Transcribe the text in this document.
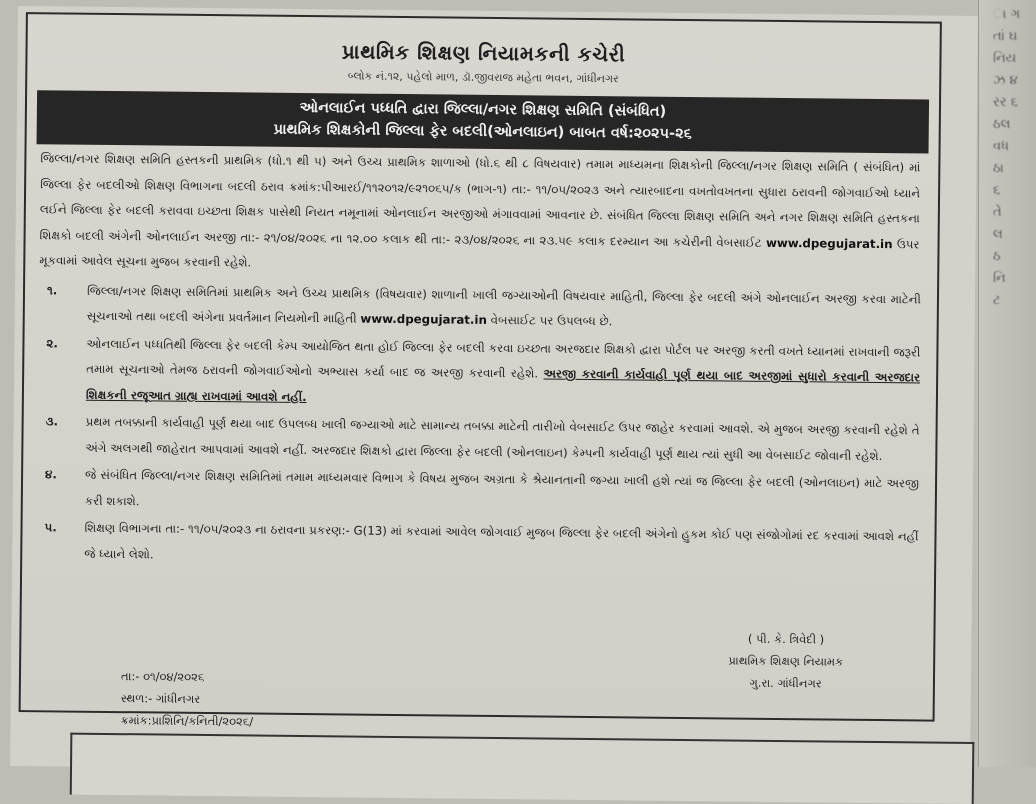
ા ગ
તાં ઘ
નિય
ઝ ૪
રર ૬
ઠલ
વધ
ઠા
૬
તે
લ
ઠ
નિ
ટ
પ્રાથમિક શિક્ષણ નિયામકની કચેરી
બ્લોક નં.૧૨, પહેલો માળ, ડૉ.જીવરાજ મહેતા ભવન, ગાંધીનગર
ઓનલાઈન પધ્ધતિ દ્વારા જિલ્લા/નગર શિક્ષણ સમિતિ (સંબંધિત)
પ્રાથમિક શિક્ષકોની જિલ્લા ફેર બદલી(ઓનલાઇન) બાબત વર્ષ:૨૦૨૫-૨૬
જિલ્લા/નગર શિક્ષણ સમિતિ હસ્તકની પ્રાથમિક (ધો.૧ થી ૫) અને ઉચ્ચ પ્રાથમિક શાળાઓ (ધો.૬ થી ૮ વિષયવાર) તમામ માધ્યમના શિક્ષકોની જિલ્લા/નગર શિક્ષણ સમિતિ ( સંબંધિત) માં જિલ્લા ફેર બદલીઓ શિક્ષણ વિભાગના બદલી ઠરાવ ક્રમાંક:પીઆરઈ/૧૧૨૦૧૨/૯૨૧૦૬૫/ક (ભાગ-૧) તા:- ૧૧/૦૫/૨૦૨૩ અને ત્યારબાદના વખતોવખતના સુધારા ઠરાવની જોગવાઈઓ ધ્યાને લઈને જિલ્લા ફેર બદલી કરાવવા ઇચ્છતા શિક્ષક પાસેથી નિયત નમૂનામાં ઓનલાઈન અરજીઓ મંગાવવામાં આવનાર છે. સંબંધિત જિલ્લા શિક્ષણ સમિતિ અને નગર શિક્ષણ સમિતિ હસ્તકના શિક્ષકો બદલી અંગેની ઓનલાઈન અરજી તા:- ૨૧/૦૪/૨૦૨૬ ના ૧૨.૦૦ કલાક થી તા:- ૨૩/૦૪/૨૦૨૬ ના ૨૩.૫૯ કલાક દરમ્યાન આ કચેરીની વેબસાઈટ www.dpegujarat.in ઉપર મૂકવામાં આવેલ સૂચના મુજબ કરવાની રહેશે.
૧.	જિલ્લા/નગર શિક્ષણ સમિતિમાં પ્રાથમિક અને ઉચ્ચ પ્રાથમિક (વિષયવાર) શાળાની ખાલી જગ્યાઓની વિષયવાર માહિતી, જિલ્લા ફેર બદલી અંગે ઓનલાઈન અરજી કરવા માટેની સૂચનાઓ તથા બદલી અંગેના પ્રવર્તમાન નિયમોની માહિતી www.dpegujarat.in વેબસાઈટ પર ઉપલબ્ધ છે.
૨.	ઓનલાઈન પધ્ધતિથી જિલ્લા ફેર બદલી કેમ્પ આયોજિત થતા હોઈ જિલ્લા ફેર બદલી કરવા ઇચ્છતા અરજદાર શિક્ષકો દ્વારા પોર્ટલ પર અરજી કરતી વખતે ધ્યાનમાં રાખવાની જરૂરી તમામ સૂચનાઓ તેમજ ઠરાવની જોગવાઈઓનો અભ્યાસ કર્યા બાદ જ અરજી કરવાની રહેશે. અરજી કરવાની કાર્યવાહી પૂર્ણ થયા બાદ અરજીમાં સુધારો કરવાની અરજદાર શિક્ષકની રજૂઆત ગ્રાહ્ય રાખવામાં આવશે નહીં.
૩.	પ્રથમ તબક્કાની કાર્યવાહી પૂર્ણ થયા બાદ ઉપલબ્ધ ખાલી જગ્યાઓ માટે સામાન્ય તબક્કા માટેની તારીખો વેબસાઈટ ઉપર જાહેર કરવામાં આવશે. એ મુજબ અરજી કરવાની રહેશે તે અંગે અલગથી જાહેરાત આપવામાં આવશે નહીં. અરજદાર શિક્ષકો દ્વારા જિલ્લા ફેર બદલી (ઓનલાઇન) કેમ્પની કાર્યવાહી પૂર્ણ થાય ત્યાં સુધી આ વેબસાઈટ જોવાની રહેશે.
૪.	જે સંબંધિત જિલ્લા/નગર શિક્ષણ સમિતિમાં તમામ માધ્યમવાર વિભાગ કે વિષય મુજબ અગ્રતા કે શ્રેયાનતાની જગ્યા ખાલી હશે ત્યાં જ જિલ્લા ફેર બદલી (ઓનલાઇન) માટે અરજી કરી શકાશે.
૫.	શિક્ષણ વિભાગના તા:- ૧૧/૦૫/૨૦૨૩ ના ઠરાવના પ્રકરણ:- G(13) માં કરવામાં આવેલ જોગવાઈ મુજબ જિલ્લા ફેર બદલી અંગેનો હુકમ કોઈ પણ સંજોગોમાં રદ કરવામાં આવશે નહીં જે ધ્યાને લેશો.
( પી. કે. ત્રિવેદી )
પ્રાથમિક શિક્ષણ નિયામક
ગુ.રા. ગાંધીનગર
તા:- ૦૧/૦૪/૨૦૨૬
સ્થળ:- ગાંધીનગર
ક્રમાંક:પ્રાશિનિ/કનિતી/૨૦૨૬/
